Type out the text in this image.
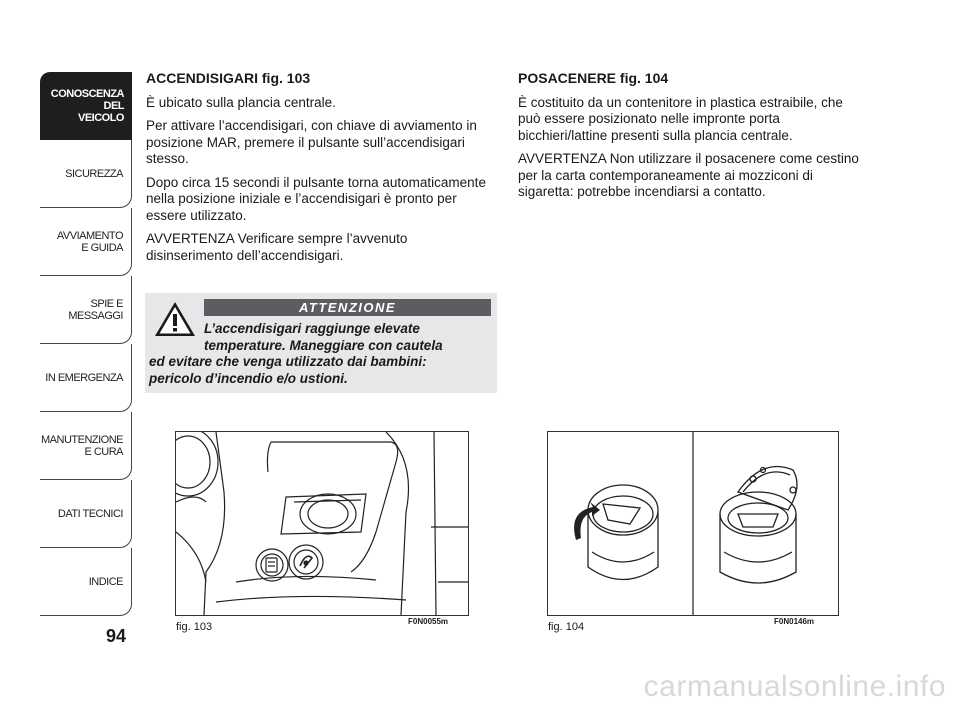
CONOSCENZA
DEL
VEICOLO
SICUREZZA
AVVIAMENTO
E GUIDA
SPIE E
MESSAGGI
IN EMERGENZA
MANUTENZIONE
E CURA
DATI TECNICI
INDICE
94
ACCENDISIGARI fig. 103

È ubicato sulla plancia centrale.

Per attivare l’accendisigari, con chiave di avviamento in posizione MAR, premere il pulsante sull’accendisigari stesso.

Dopo circa 15 secondi il pulsante torna automaticamente nella posizione iniziale e l’accendisigari è pronto per essere utilizzato.

AVVERTENZA Verificare sempre l’avvenuto disinserimento dell’accendisigari.

ATTENZIONE
L’accendisigari raggiunge elevate
temperature. Maneggiare con cautela
ed evitare che venga utilizzato dai bambini:
pericolo d’incendio e/o ustioni.
POSACENERE fig. 104

È costituito da un contenitore in plastica estraibile, che può essere posizionato nelle impronte porta bicchieri/lattine presenti sulla plancia centrale.

AVVERTENZA Non utilizzare il posacenere come cestino per la carta contemporaneamente ai mozziconi di sigaretta: potrebbe incendiarsi a contatto.

fig. 103	F0N0055m	fig. 104	F0N0146m
carmanualsonline.info
